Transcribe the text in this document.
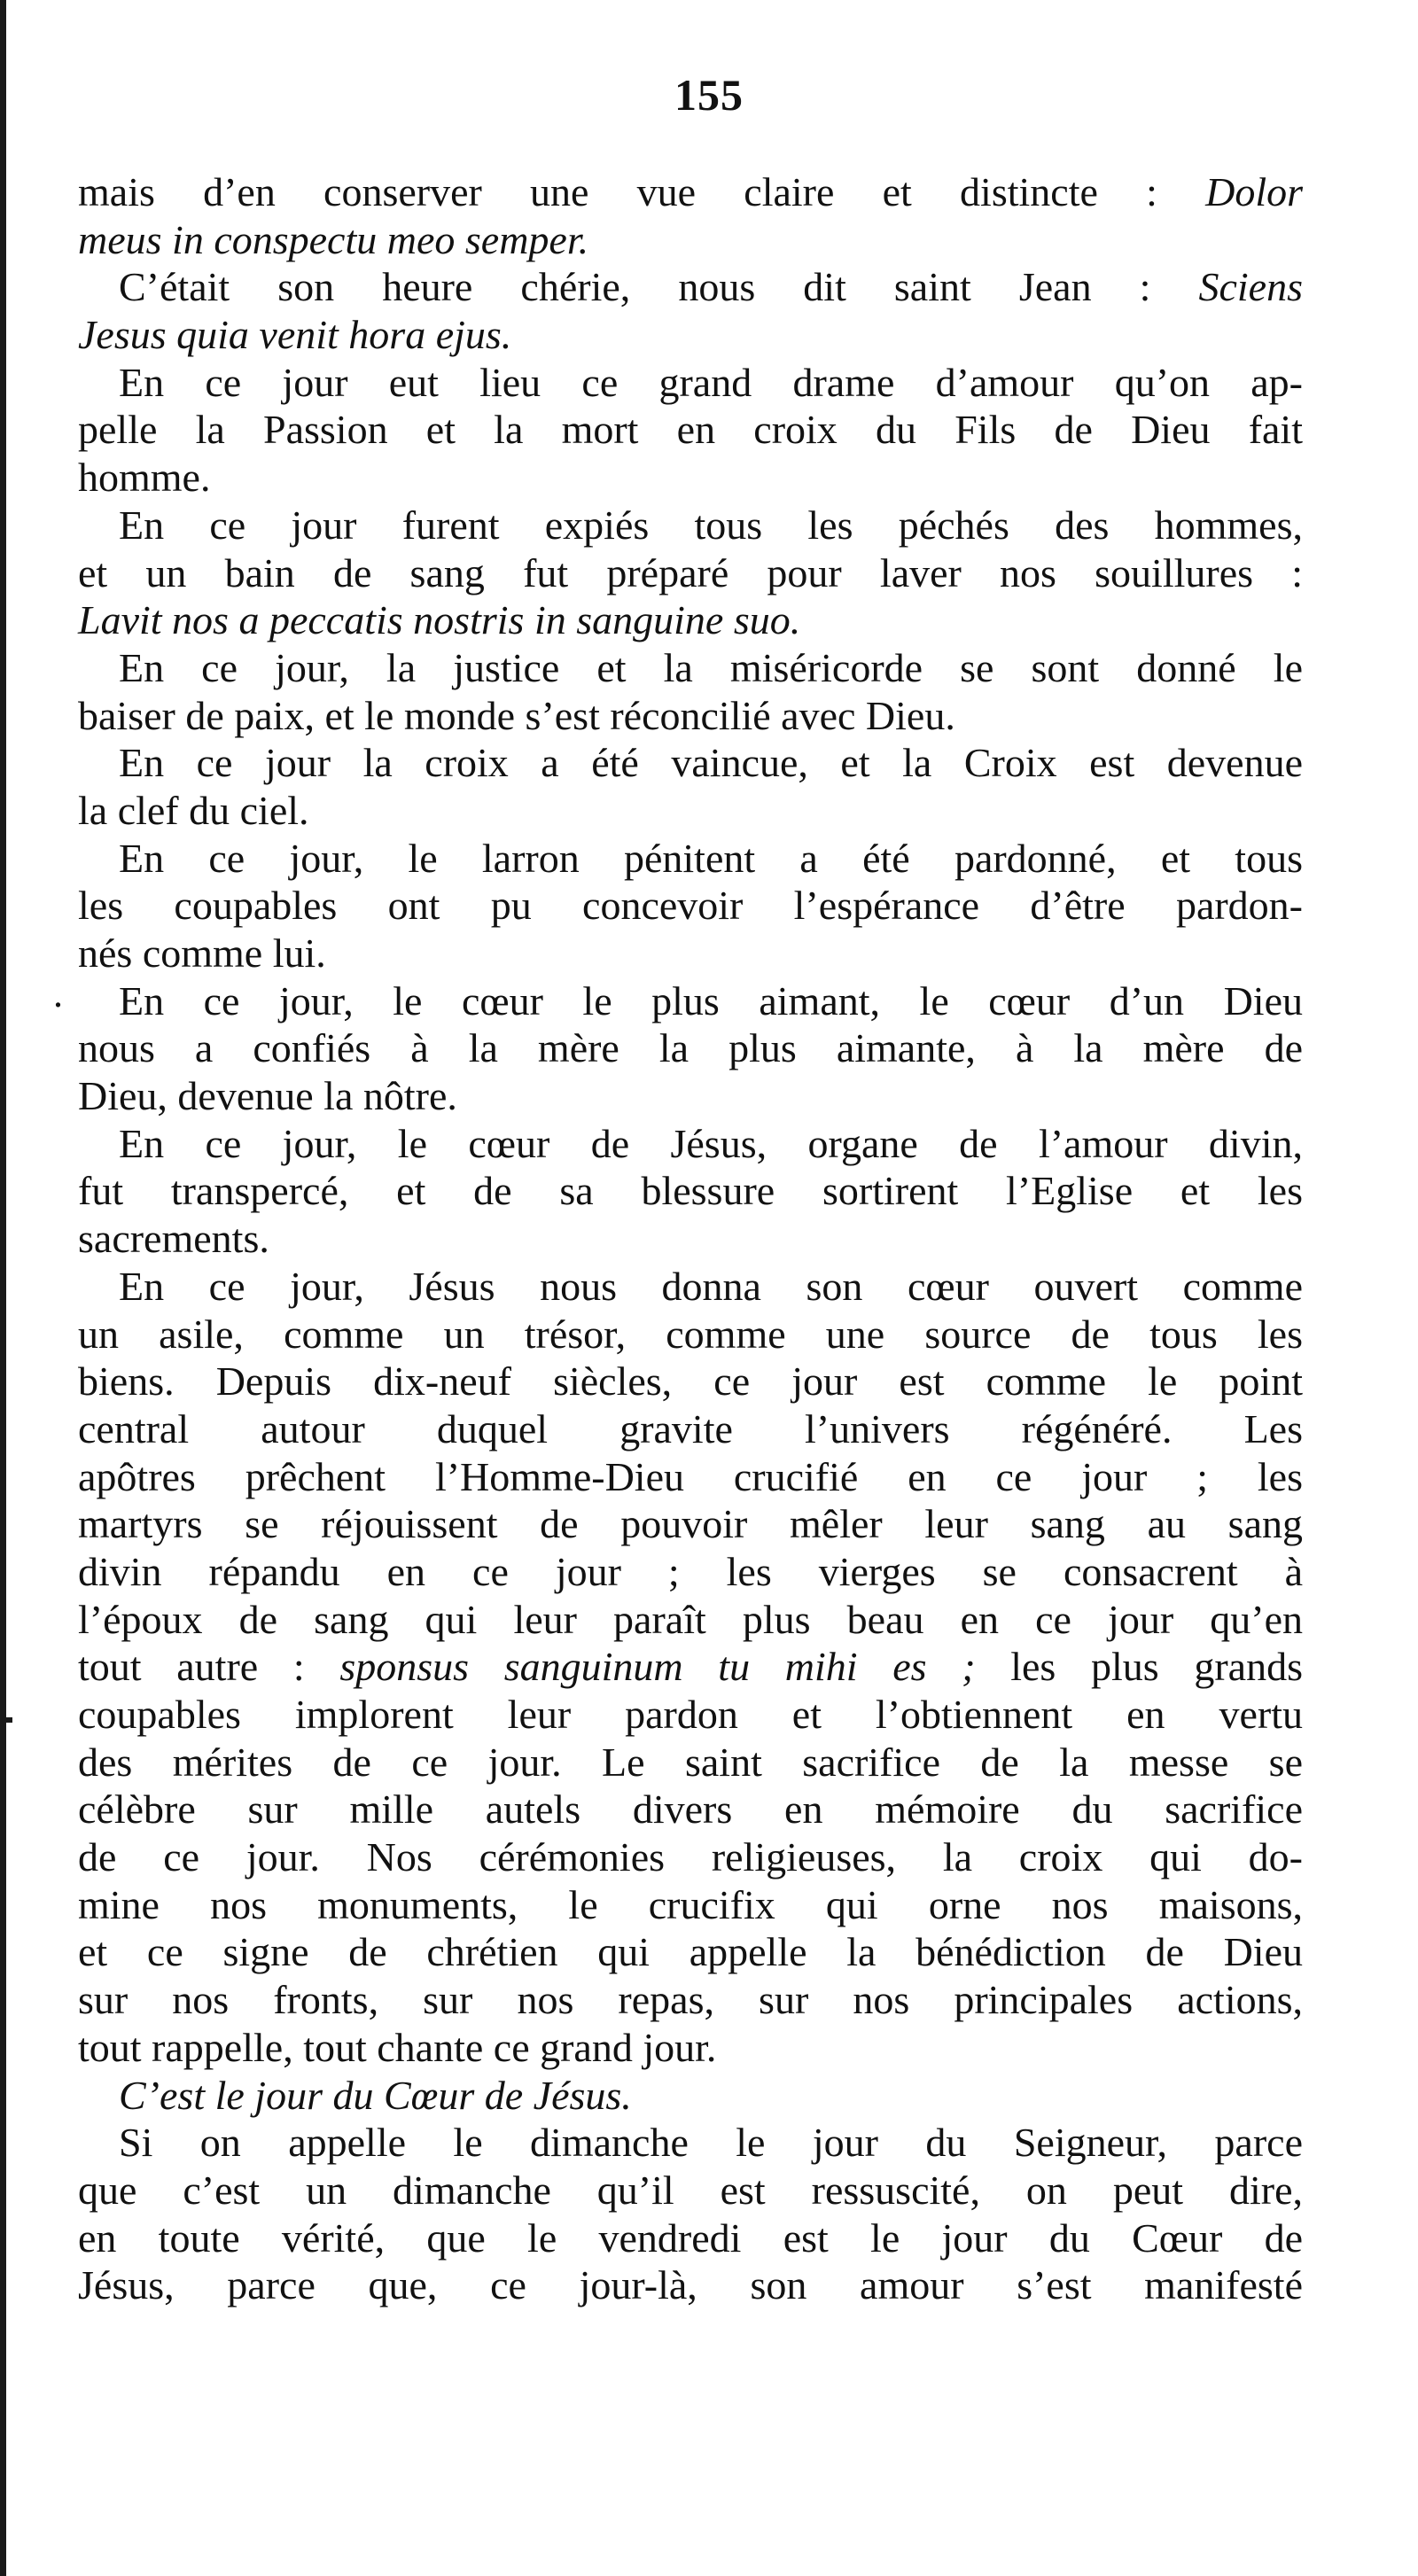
155
.
mais d’en conserver une vue claire et distincte : Dolor
meus in conspectu meo semper.
C’était son heure chérie, nous dit saint Jean : Sciens
Jesus quia venit hora ejus.
En ce jour eut lieu ce grand drame d’amour qu’on ap-
pelle la Passion et la mort en croix du Fils de Dieu fait
homme.
En ce jour furent expiés tous les péchés des hommes,
et un bain de sang fut préparé pour laver nos souillures :
Lavit nos a peccatis nostris in sanguine suo.
En ce jour, la justice et la miséricorde se sont donné le
baiser de paix, et le monde s’est réconcilié avec Dieu.
En ce jour la croix a été vaincue, et la Croix est devenue
la clef du ciel.
En ce jour, le larron pénitent a été pardonné, et tous
les coupables ont pu concevoir l’espérance d’être pardon-
nés comme lui.
En ce jour, le cœur le plus aimant, le cœur d’un Dieu
nous a confiés à la mère la plus aimante, à la mère de
Dieu, devenue la nôtre.
En ce jour, le cœur de Jésus, organe de l’amour divin,
fut transpercé, et de sa blessure sortirent l’Eglise et les
sacrements.
En ce jour, Jésus nous donna son cœur ouvert comme
un asile, comme un trésor, comme une source de tous les
biens. Depuis dix-neuf siècles, ce jour est comme le point
central autour duquel gravite l’univers régénéré. Les
apôtres prêchent l’Homme-Dieu crucifié en ce jour ; les
martyrs se réjouissent de pouvoir mêler leur sang au sang
divin répandu en ce jour ; les vierges se consacrent à
l’époux de sang qui leur paraît plus beau en ce jour qu’en
tout autre : sponsus sanguinum tu mihi es ; les plus grands
coupables implorent leur pardon et l’obtiennent en vertu
des mérites de ce jour. Le saint sacrifice de la messe se
célèbre sur mille autels divers en mémoire du sacrifice
de ce jour. Nos cérémonies religieuses, la croix qui do-
mine nos monuments, le crucifix qui orne nos maisons,
et ce signe de chrétien qui appelle la bénédiction de Dieu
sur nos fronts, sur nos repas, sur nos principales actions,
tout rappelle, tout chante ce grand jour.
C’est le jour du Cœur de Jésus.
Si on appelle le dimanche le jour du Seigneur, parce
que c’est un dimanche qu’il est ressuscité, on peut dire,
en toute vérité, que le vendredi est le jour du Cœur de
Jésus, parce que, ce jour-là, son amour s’est manifesté
